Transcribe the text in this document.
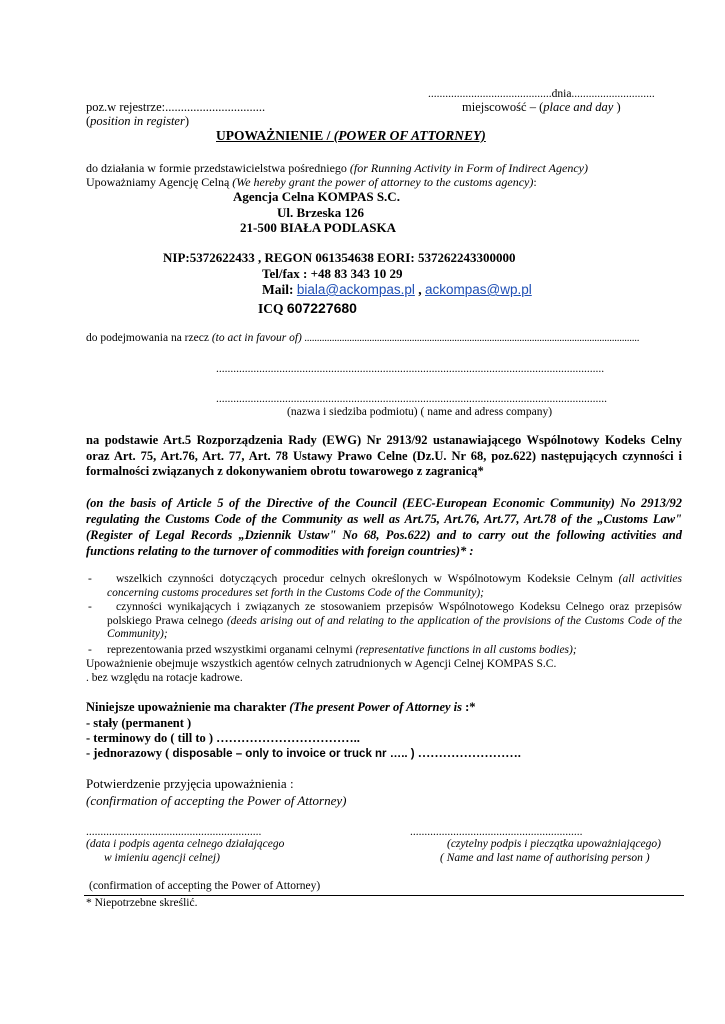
...........................................dnia.............................
poz.w rejestrze:................................	miejscowość – (place and day )
(position in register)
UPOWAŻNIENIE / (POWER OF ATTORNEY)
do działania w formie przedstawicielstwa pośredniego (for Running Activity in Form of Indirect Agency)
Upoważniamy Agencję Celną (We hereby grant the power of attorney to the customs agency):
Agencja Celna KOMPAS S.C.
Ul. Brzeska 126
21-500 BIAŁA PODLASKA
NIP:5372622433 , REGON 061354638 EORI: 537262243300000
Tel/fax : +48 83 343 10 29
Mail: biala@ackompas.pl , ackompas@wp.pl
ICQ 607227680
do podejmowania na rzecz (to act in favour of) ......................................................................................................................................
.......................................................................................................................................
........................................................................................................................................
(nazwa i siedziba podmiotu) ( name and adress company)
na podstawie Art.5 Rozporządzenia Rady (EWG) Nr 2913/92 ustanawiającego Wspólnotowy Kodeks Celny oraz Art. 75, Art.76, Art. 77, Art. 78 Ustawy Prawo Celne (Dz.U. Nr 68, poz.622) następujących czynności i formalności związanych z dokonywaniem obrotu towarowego z zagranicą*
(on the basis of Article 5 of the Directive of the Council (EEC-European Economic Community) No 2913/92 regulating the Customs Code of the Community as well as Art.75, Art.76, Art.77, Art.78 of the „Customs Law" (Register of Legal Records „Dziennik Ustaw" No 68, Pos.622) and to carry out the following activities and functions relating to the turnover of commodities with foreign countries)* :
-	wszelkich czynności dotyczących procedur celnych określonych w Wspólnotowym Kodeksie Celnym (all activities concerning customs procedures set forth in the Customs Code of the Community);
-	czynności wynikających i związanych ze stosowaniem przepisów Wspólnotowego Kodeksu Celnego oraz przepisów polskiego Prawa celnego (deeds arising out of and relating to the application of the provisions of the Customs Code of the Community);
- reprezentowania przed wszystkimi organami celnymi (representative functions in all customs bodies);
Upoważnienie obejmuje wszystkich agentów celnych zatrudnionych w Agencji Celnej KOMPAS S.C.
. bez względu na rotacje kadrowe.
Niniejsze upoważnienie ma charakter (The present Power of Attorney is :*
- stały (permanent )
- terminowy do ( till to ) ……………………………..
- jednorazowy ( disposable – only to invoice or truck nr ….. ) …………………….
Potwierdzenie przyjęcia upoważnienia :
(confirmation of accepting the Power of Attorney)
.............................................................	............................................................
(data i podpis agenta celnego działającego
w imieniu agencji celnej)
(czytelny podpis i pieczątka upoważniającego)
( Name and last name of authorising person )
(confirmation of accepting the Power of Attorney)
* Niepotrzebne skreślić.
